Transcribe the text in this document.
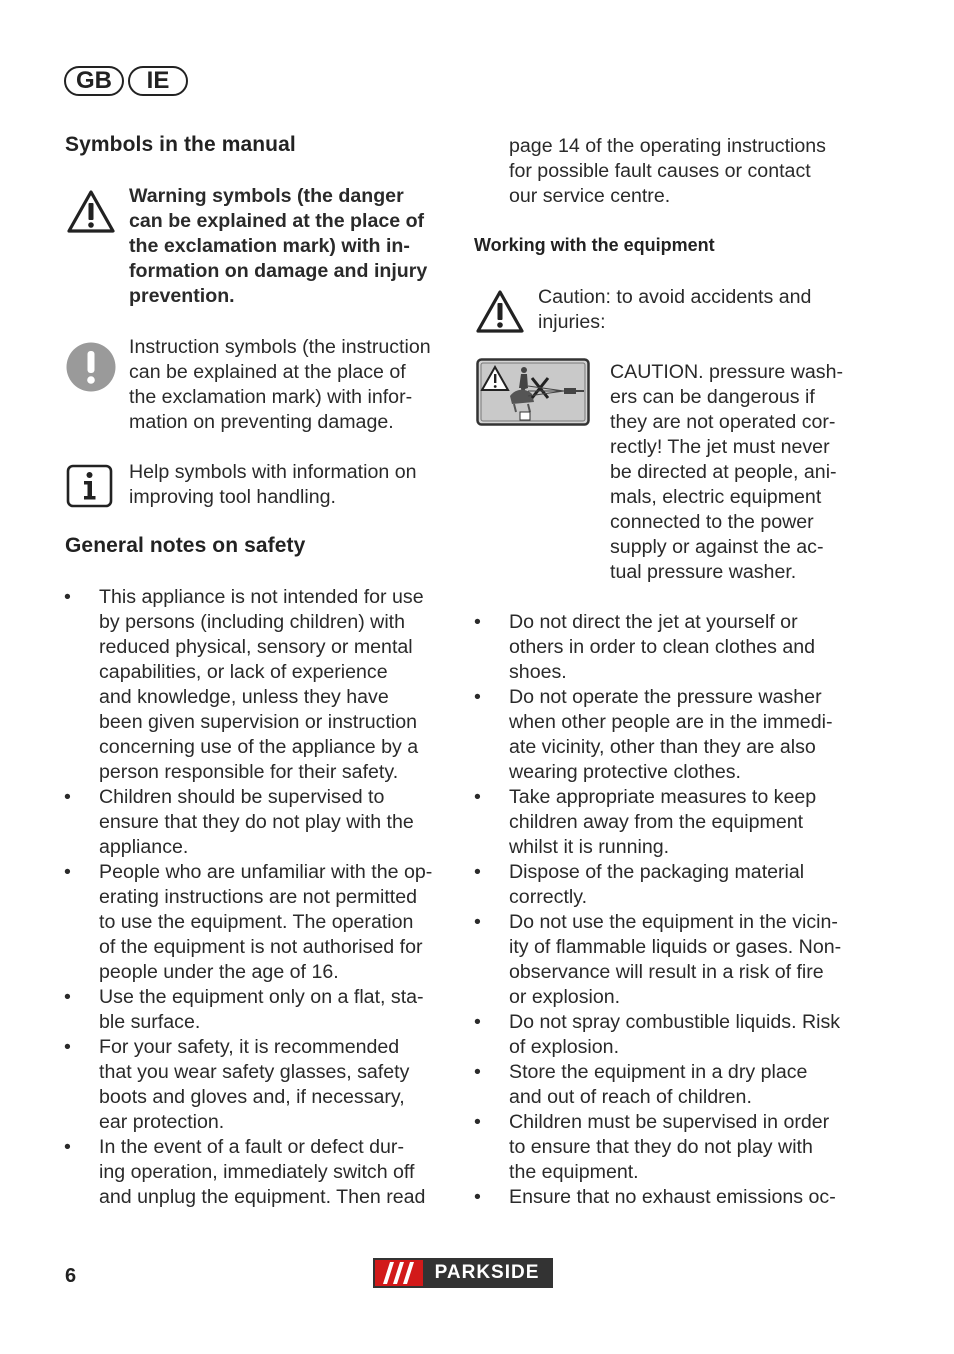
GB	IE
Symbols in the manual
Warning symbols (the danger
can be explained at the place of
the exclamation mark) with in-
formation on damage and injury
prevention.
Instruction symbols (the instruction
can be explained at the place of
the exclamation mark) with infor-
mation on preventing damage.
Help symbols with information on
improving tool handling.
General notes on safety
• This appliance is not intended for use
by persons (including children) with
reduced physical, sensory or mental
capabilities, or lack of experience
and knowledge, unless they have
been given supervision or instruction
concerning use of the appliance by a
person responsible for their safety.
• Children should be supervised to
ensure that they do not play with the
appliance.
• People who are unfamiliar with the op-
erating instructions are not permitted
to use the equipment. The operation
of the equipment is not authorised for
people under the age of 16.
• Use the equipment only on a flat, sta-
ble surface.
• For your safety, it is recommended
that you wear safety glasses, safety
boots and gloves and, if necessary,
ear protection.
• In the event of a fault or defect dur-
ing operation, immediately switch off
and unplug the equipment. Then read
page 14 of the operating instructions
for possible fault causes or contact
our service centre.
Working with the equipment
Caution: to avoid accidents and
injuries:
CAUTION. pressure wash-
ers can be dangerous if
they are not operated cor-
rectly! The jet must never
be directed at people, ani-
mals, electric equipment
connected to the power
supply or against the ac-
tual pressure washer.
• Do not direct the jet at yourself or
others in order to clean clothes and
shoes.
• Do not operate the pressure washer
when other people are in the immedi-
ate vicinity, other than they are also
wearing protective clothes.
• Take appropriate measures to keep
children away from the equipment
whilst it is running.
• Dispose of the packaging material
correctly.
• Do not use the equipment in the vicin-
ity of flammable liquids or gases. Non-
observance will result in a risk of fire
or explosion.
• Do not spray combustible liquids. Risk
of explosion.
• Store the equipment in a dry place
and out of reach of children.
• Children must be supervised in order
to ensure that they do not play with
the equipment.
• Ensure that no exhaust emissions oc-
6	PARKSIDE
